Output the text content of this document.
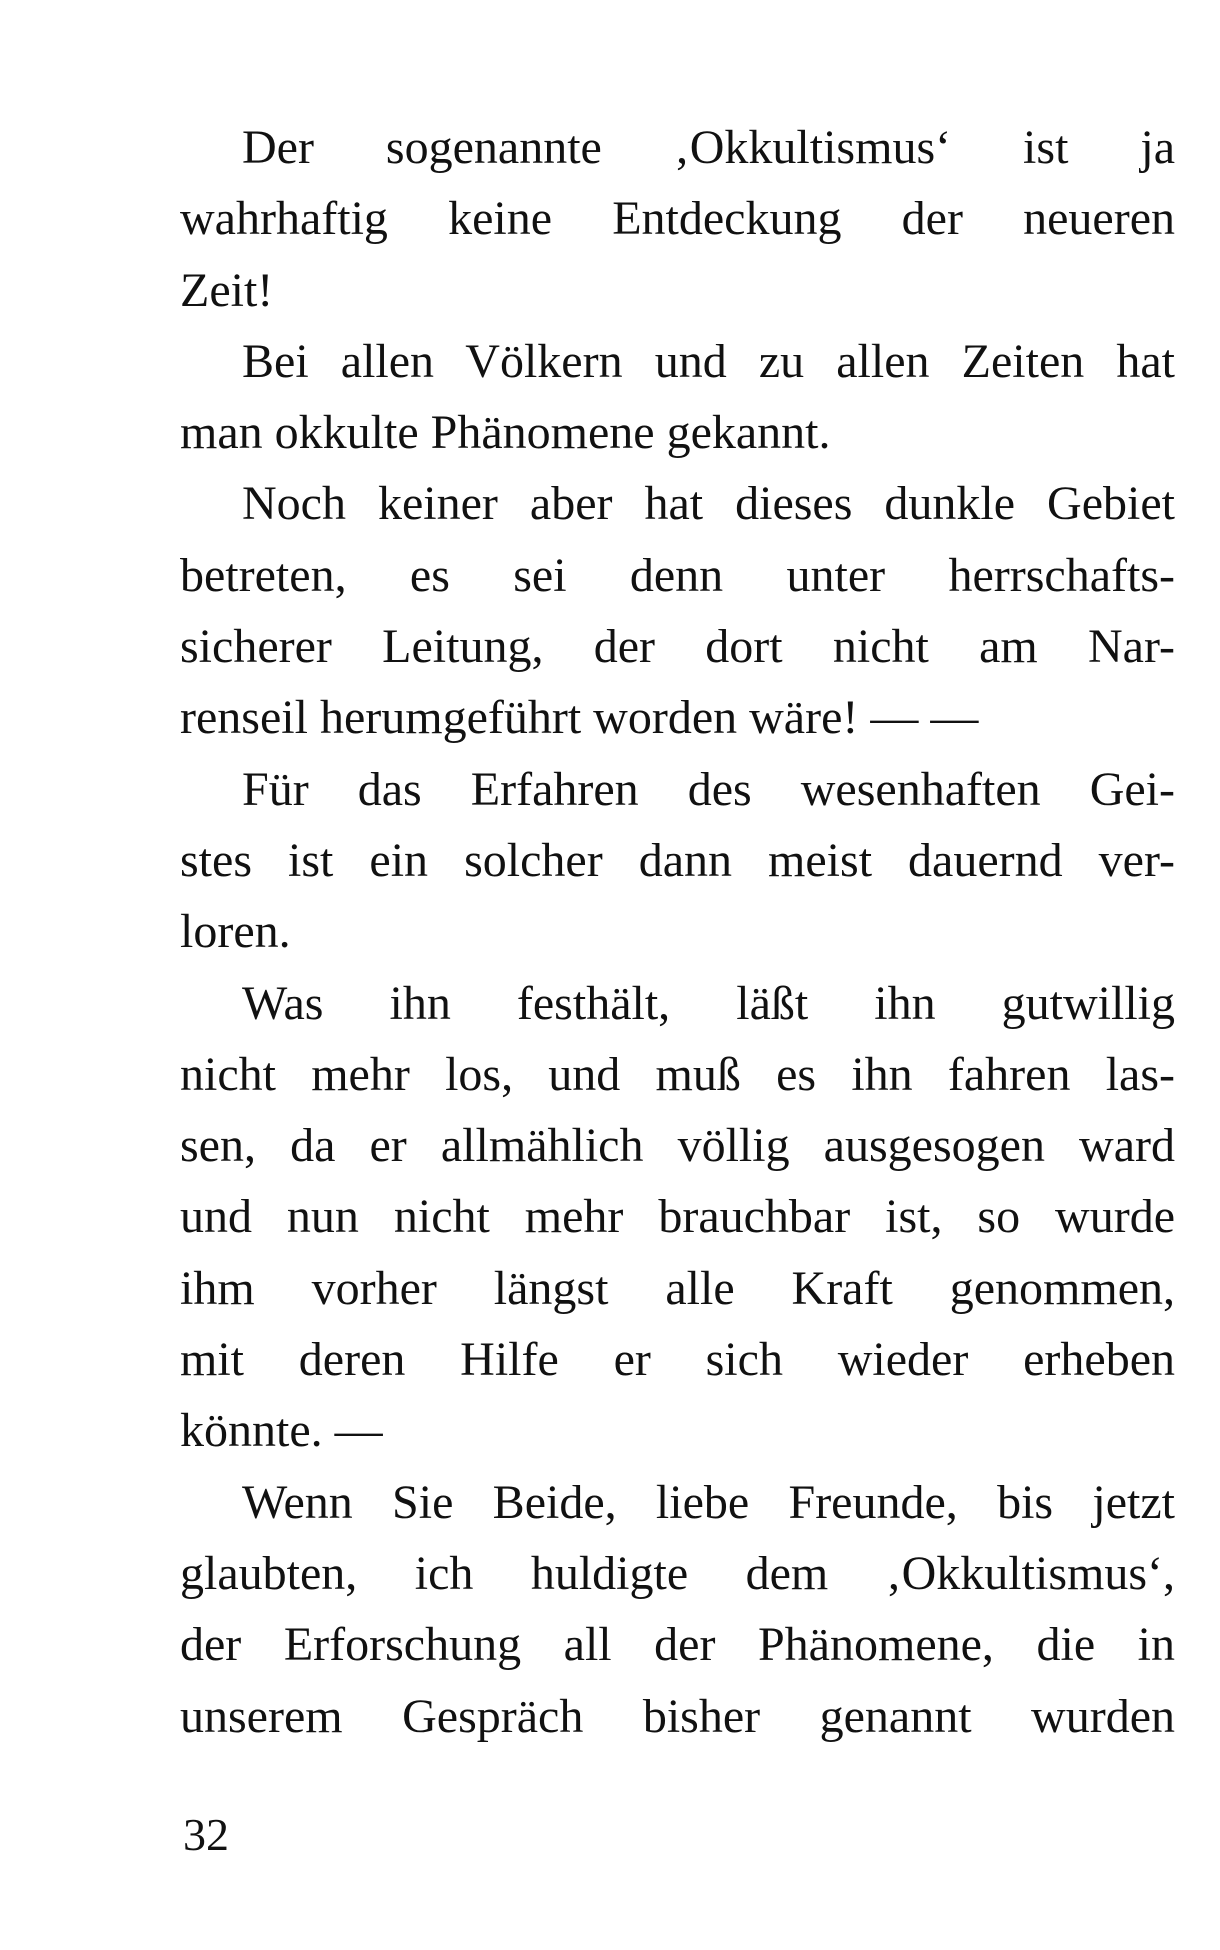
Der sogenannte ‚Okkultismus‘ ist ja
wahrhaftig keine Entdeckung der neueren
Zeit!
Bei allen Völkern und zu allen Zeiten hat
man okkulte Phänomene gekannt.
Noch keiner aber hat dieses dunkle Gebiet
betreten, es sei denn unter herrschafts-
sicherer Leitung, der dort nicht am Nar-
renseil herumgeführt worden wäre! — —
Für das Erfahren des wesenhaften Gei-
stes ist ein solcher dann meist dauernd ver-
loren.
Was ihn festhält, läßt ihn gutwillig
nicht mehr los, und muß es ihn fahren las-
sen, da er allmählich völlig ausgesogen ward
und nun nicht mehr brauchbar ist, so wurde
ihm vorher längst alle Kraft genommen,
mit deren Hilfe er sich wieder erheben
könnte. —
Wenn Sie Beide, liebe Freunde, bis jetzt
glaubten, ich huldigte dem ‚Okkultismus‘,
der Erforschung all der Phänomene, die in
unserem Gespräch bisher genannt wurden
32
